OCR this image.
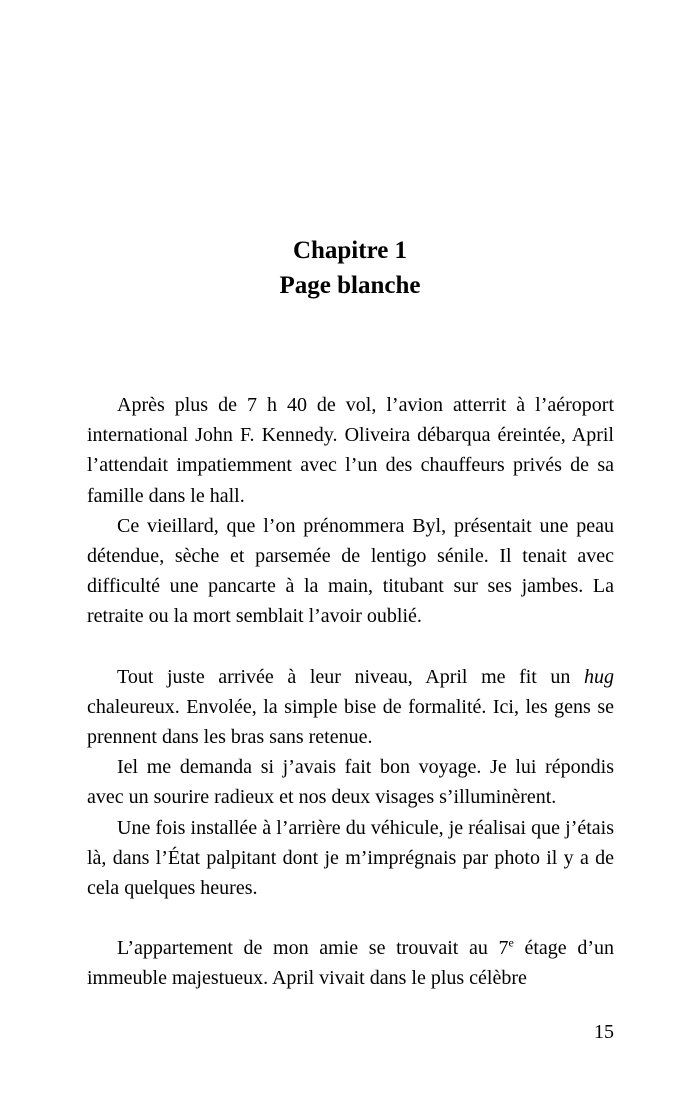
Chapitre 1
Page blanche

Après plus de 7 h 40 de vol, l’avion atterrit à l’aéroport international John F. Kennedy. Oliveira débarqua éreintée, April l’attendait impatiemment avec l’un des chauffeurs privés de sa famille dans le hall.

Ce vieillard, que l’on prénommera Byl, présentait une peau détendue, sèche et parsemée de lentigo sénile. Il tenait avec difficulté une pancarte à la main, titubant sur ses jambes. La retraite ou la mort semblait l’avoir oublié.

Tout juste arrivée à leur niveau, April me fit un hug chaleureux. Envolée, la simple bise de formalité. Ici, les gens se prennent dans les bras sans retenue.

Iel me demanda si j’avais fait bon voyage. Je lui répondis avec un sourire radieux et nos deux visages s’illuminèrent.

Une fois installée à l’arrière du véhicule, je réalisai que j’étais là, dans l’État palpitant dont je m’imprégnais par photo il y a de cela quelques heures.

L’appartement de mon amie se trouvait au 7e étage d’un immeuble majestueux. April vivait dans le plus célèbre

15
